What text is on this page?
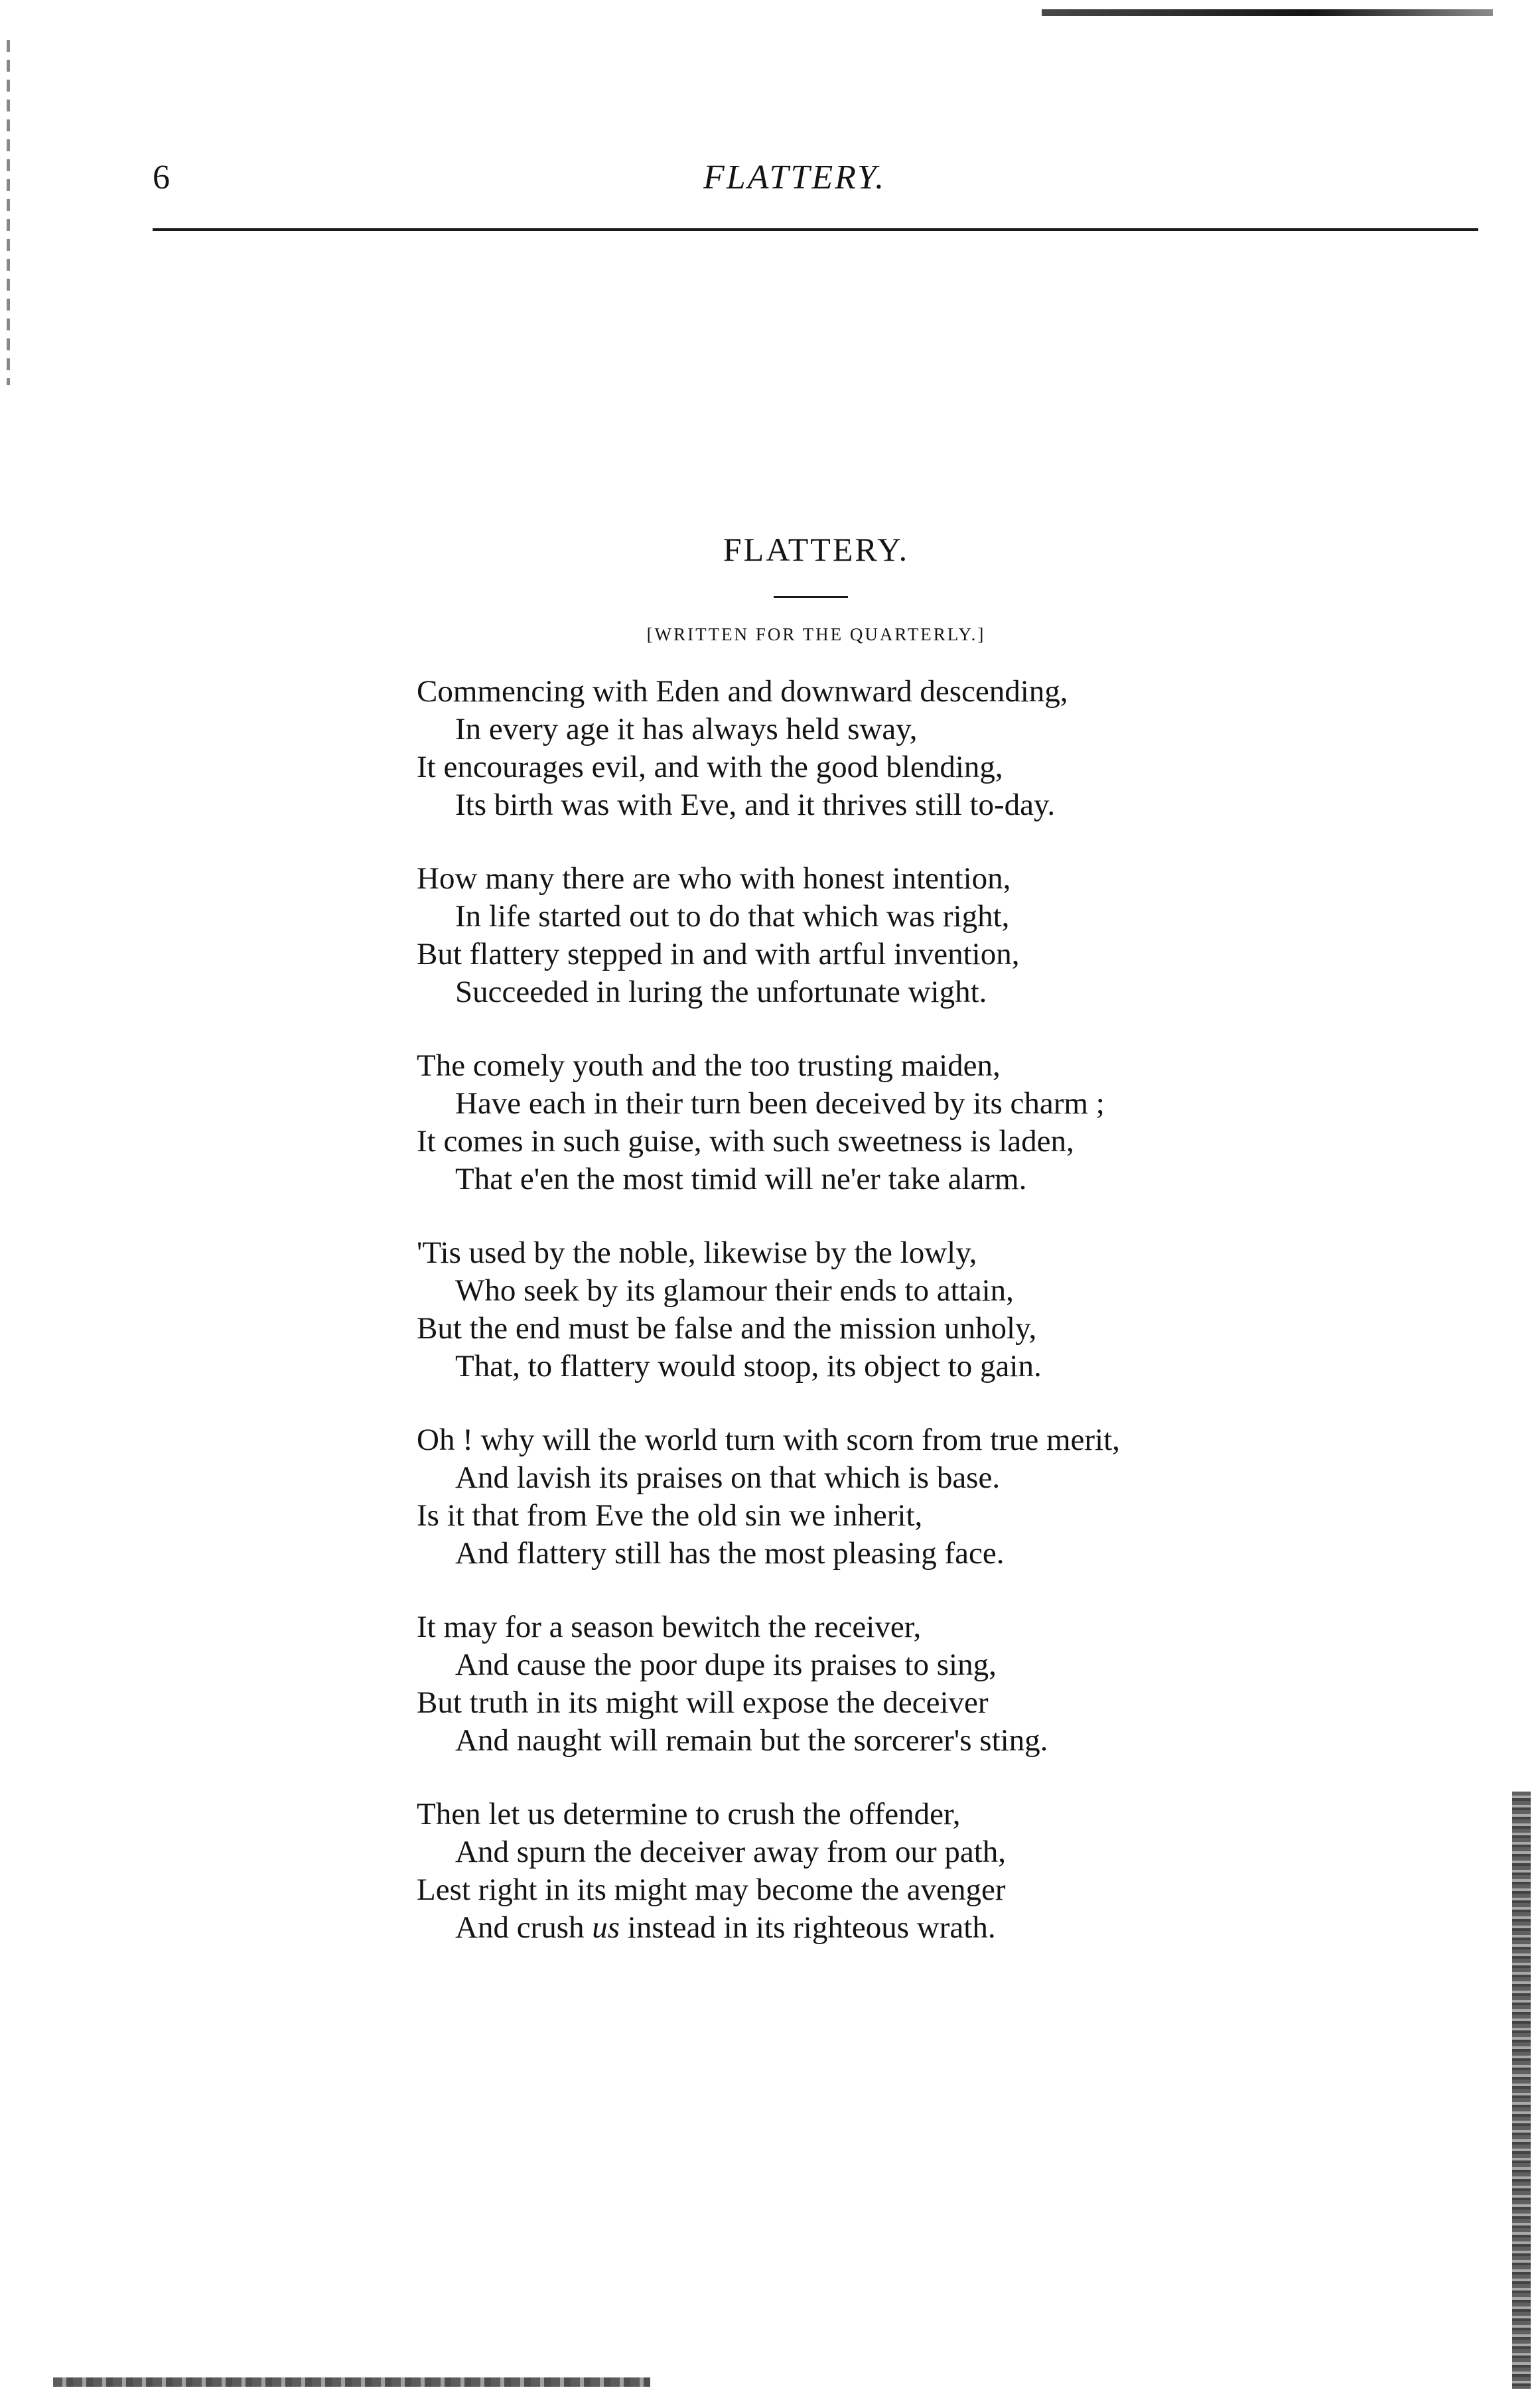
6	FLATTERY.
FLATTERY.
[WRITTEN FOR THE QUARTERLY.]
Commencing with Eden and downward descending,
In every age it has always held sway,
It encourages evil, and with the good blending,
Its birth was with Eve, and it thrives still to-day.
How many there are who with honest intention,
In life started out to do that which was right,
But flattery stepped in and with artful invention,
Succeeded in luring the unfortunate wight.
The comely youth and the too trusting maiden,
Have each in their turn been deceived by its charm ;
It comes in such guise, with such sweetness is laden,
That e'en the most timid will ne'er take alarm.
'Tis used by the noble, likewise by the lowly,
Who seek by its glamour their ends to attain,
But the end must be false and the mission unholy,
That, to flattery would stoop, its object to gain.
Oh ! why will the world turn with scorn from true merit,
And lavish its praises on that which is base.
Is it that from Eve the old sin we inherit,
And flattery still has the most pleasing face.
It may for a season bewitch the receiver,
And cause the poor dupe its praises to sing,
But truth in its might will expose the deceiver
And naught will remain but the sorcerer's sting.
Then let us determine to crush the offender,
And spurn the deceiver away from our path,
Lest right in its might may become the avenger
And crush us instead in its righteous wrath.
